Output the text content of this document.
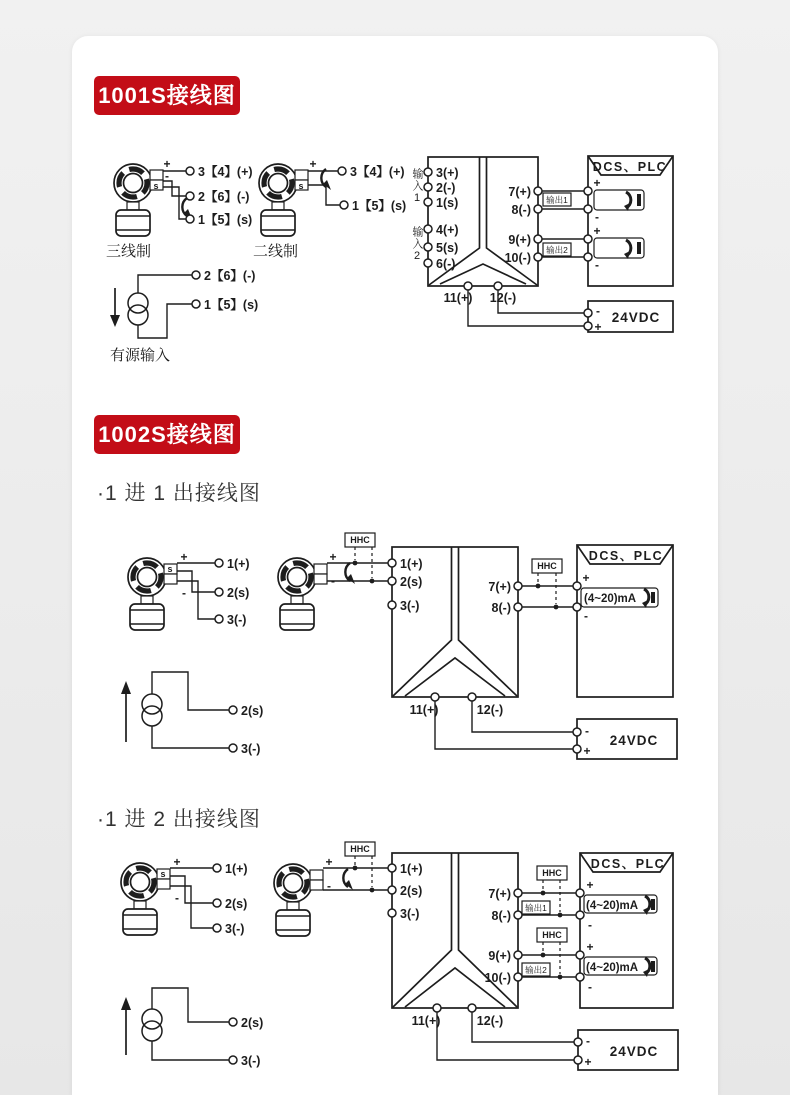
1001S接线图
1002S接线图
·1 进 1 出接线图
·1 进 2 出接线图
+
-
s
3【4】(+)
2【6】(-)
1【5】(s)
三线制
+
s
3【4】(+)
1【5】(s)
二线制
2【6】(-)
1【5】(s)
有源输入
3(+)
2(-)
1(s)
4(+)
5(s)
6(-)
输入1
输入2
7(+)
8(-)
9(+)
10(-)
11(+) 12(-)
输出1
输出2
DCS、PLC
+
-
+
-
-
+
24VDC
+
s
-
1(+)
2(s)
3(-)
+
-
HHC
1(+)
2(s)
3(-)
7(+)
8(-)
11(+)	12(-)
HHC
DCS、PLC
+
-
(4~20)mA
-
+
24VDC
2(s)
3(-)
+
s
-
1(+)
2(s)
3(-)
+
-
HHC
1(+)
2(s)
3(-)
7(+)
8(-)
9(+)
10(-)
11(+)	12(-)
输出1
输出2
HHC
HHC
DCS、PLC
+
-
(4~20)mA
+
-
(4~20)mA
-
+
24VDC
2(s)
3(-)
